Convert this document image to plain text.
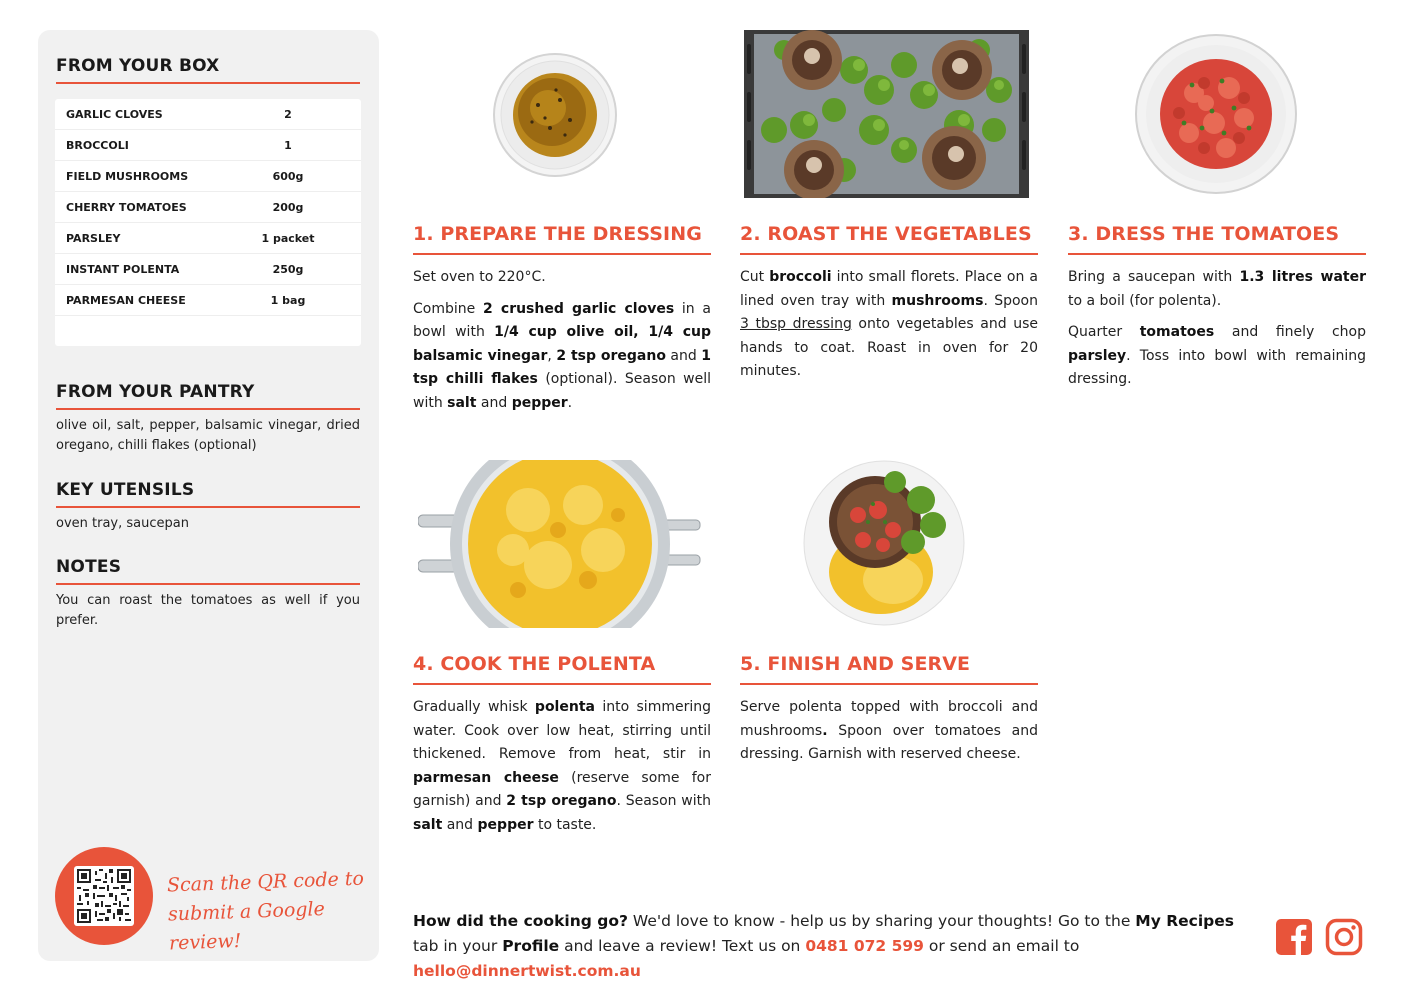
FROM YOUR BOX
GARLIC CLOVES	2
BROCCOLI	1
FIELD MUSHROOMS	600g
CHERRY TOMATOES	200g
PARSLEY	1 packet
INSTANT POLENTA	250g
PARMESAN CHEESE	1 bag
FROM YOUR PANTRY
olive oil, salt, pepper, balsamic vinegar, dried oregano, chilli flakes (optional)
KEY UTENSILS
oven tray, saucepan
NOTES
You can roast the tomatoes as well if you prefer.
Scan the QR code to
submit a Google review!
1. PREPARE THE DRESSING

Set oven to 220°C.

Combine 2 crushed garlic cloves in a bowl with 1/4 cup olive oil, 1/4 cup balsamic vinegar, 2 tsp oregano and 1 tsp chilli flakes (optional). Season well with salt and pepper.

2. ROAST THE VEGETABLES

Cut broccoli into small florets. Place on a lined oven tray with mushrooms. Spoon 3 tbsp dressing onto vegetables and use hands to coat. Roast in oven for 20 minutes.

3. DRESS THE TOMATOES

Bring a saucepan with 1.3 litres water to a boil (for polenta).

Quarter tomatoes and finely chop parsley. Toss into bowl with remaining dressing.

4. COOK THE POLENTA

Gradually whisk polenta into simmering water. Cook over low heat, stirring until thickened. Remove from heat, stir in parmesan cheese (reserve some for garnish) and 2 tsp oregano. Season with salt and pepper to taste.

5. FINISH AND SERVE

Serve polenta topped with broccoli and mushrooms. Spoon over tomatoes and dressing. Garnish with reserved cheese.

How did the cooking go? We'd love to know - help us by sharing your thoughts! Go to the My Recipes tab in your Profile and leave a review! Text us on 0481 072 599 or send an email to hello@dinnertwist.com.au
